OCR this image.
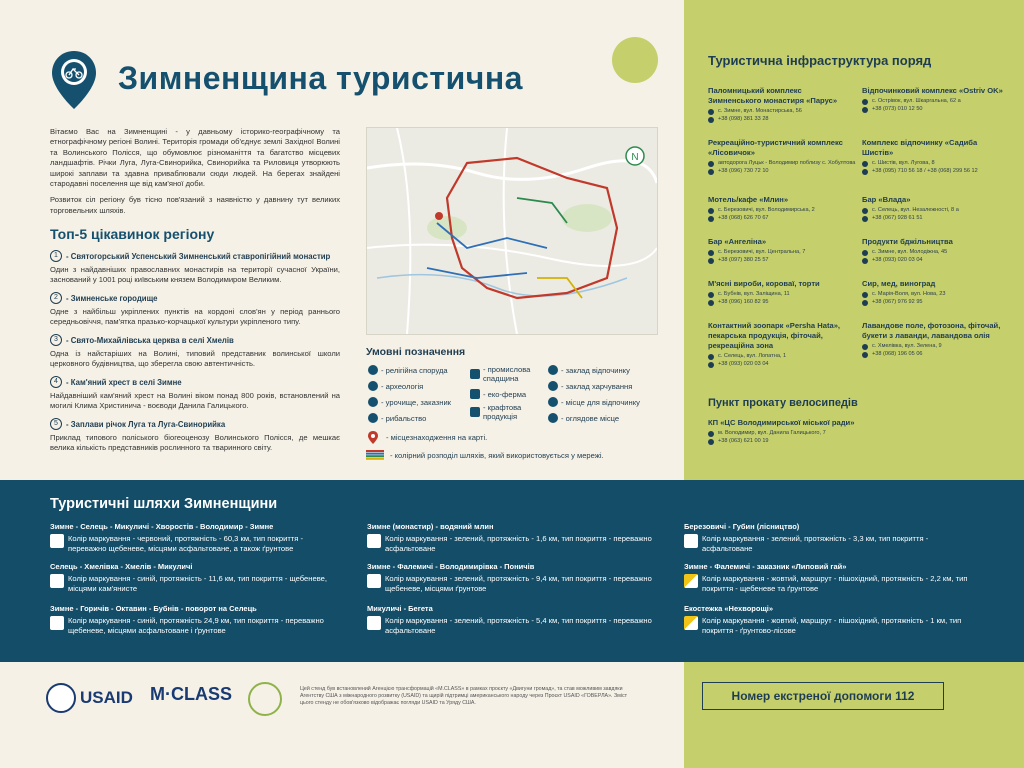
Зимненщина туристична

Вітаємо Вас на Зимненщині - у давньому історико-географічному та етнографічному регіоні Волині. Територія громади об'єднує землі Західної Волині та Волинського Полісся, що обумовлює різноманіття та багатство місцевих ландшафтів. Річки Луга, Луга-Свинорийка, Свинорийка та Риловиця утворюють широкі заплави та здавна приваблювали сюди людей. На берегах знайдені стародавні поселення ще від кам'яної доби.

Розвиток сіл регіону був тісно пов'язаний з наявністю у давнину тут великих торговельних шляхів.

Топ-5 цікавинок регіону
1	- Святогорський Успенський Зимненський ставропігійний монастир
Один з найдавніших православних монастирів на території сучасної України, заснований у 1001 році київським князем Володимиром Великим.
2	- Зимненське городище
Одне з найбільш укріплених пунктів на кордоні слов'ян у період раннього середньовіччя, пам'ятка празько-корчацької культури укріпленого типу.
3	- Свято-Михайлівська церква в селі Хмелів
Одна із найстаріших на Волині, типовий представник волинської школи церковного будівництва, що зберегла свою автентичність.
4	- Кам'яний хрест в селі Зимне
Найдавніший кам'яний хрест на Волині віком понад 800 років, встановлений на могилі Клима Христинича - воєводи Данила Галицького.
5	- Заплави річок Луга та Луга-Свинорийка
Приклад типового поліського біогеоценозу Волинського Полісся, де мешкає велика кількість представників рослинного та тваринного світу.
N
Умовні позначення
- релігійна споруда
- археологія
- урочище, заказник
- рибальство
- промислова спадщина
- еко-ферма
- крафтова продукція
- заклад відпочинку
- заклад харчування
- місце для відпочинку
- оглядове місце
- місцезнаходження на карті.
- колірний розподіл шляхів, який використовується у мережі.
Туристична інфраструктура поряд
Паломницький комплекс Зимненського монастиря «Парус»
с. Зимне, вул. Монастирська, 56
+38 (098) 381 33 28
Відпочинковий комплекс «Ostriv OK»
с. Острівок, вул. Шкаргальна, 62 а
+38 (073) 010 12 50
Рекреаційно-туристичний комплекс «Лісовичок»
автодорога Луцьк - Володимир поблизу с. Хобултова
+38 (096) 730 72 10
Комплекс відпочинку «Садиба Шистів»
с. Шистів, вул. Луговa, 8
+38 (095) 710 56 18 / +38 (068) 299 56 12
Мотель/кафе «Млин»
с. Березовичі, вул. Володимирська, 2
+38 (068) 626 70 67
Бар «Влада»
с. Селець, вул. Незалежності, 8 а
+38 (067) 928 61 51
Бар «Ангеліна»
с. Березовичі, вул. Центральна, 7
+38 (097) 380 25 57
Продукти бджільництва
с. Зимне, вул. Молодіжна, 45
+38 (093) 020 03 04
М'ясні вироби, короваї, торти
с. Бубнів, вул. Заліщина, 11
+38 (096) 160 82 95
Сир, мед, виноград
с. Марія-Воля, вул. Нова, 23
+38 (067) 976 92 95
Контактний зоопарк «Persha Hata», пекарська продукція, фіточай, рекреаційна зона
с. Селець, вул. Лопатна, 1
+38 (093) 020 03 04
Лавандове поле, фотозона, фіточай, букети з лаванди, лавандова олія
с. Хмелівка, вул. Зелена, 9
+38 (068) 196 05 06
Пункт прокату велосипедів
КП «ЦС Володимирської міської ради»
м. Володимир, вул. Данила Галицького, 7
+38 (063) 621 00 19
Туристичні шляхи Зимненщини
Зимне - Селець - Микуличі - Хворостів - Володимир - Зимне
Колір маркування - червоний, протяжність - 60,3 км, тип покриття - переважно щебеневе, місцями асфальтоване, а також ґрунтове
Селець - Хмелівка - Хмелів - Микуличі
Колір маркування - синій, протяжність - 11,6 км, тип покриття - щебеневе, місцями кам'янисте
Зимне - Горичів - Октавин - Бубнів - поворот на Селець
Колір маркування - синій, протяжність 24,9 км, тип покриття - переважно щебеневе, місцями асфальтоване і ґрунтове
Зимне (монастир) - водяний млин
Колір маркування - зелений, протяжність - 1,6 км, тип покриття - переважно асфальтоване
Зимне - Фалемичі - Володимирівка - Поничів
Колір маркування - зелений, протяжність - 9,4 км, тип покриття - переважно щебеневе, місцями ґрунтове
Микуличі - Бегета
Колір маркування - зелений, протяжність - 5,4 км, тип покриття - переважно асфальтоване
Березовичі - Губин (лісництво)
Колір маркування - зелений, протяжність - 3,3 км, тип покриття - асфальтоване
Зимне - Фалемичі - заказник «Липовий гай»
Колір маркування - жовтий, маршрут - пішохідний, протяжність - 2,2 км, тип покриття - щебеневе та ґрунтове
Екостежка «Нехворощі»
Колір маркування - жовтий, маршрут - пішохідний, протяжність - 1 км, тип покриття - ґрунтово-лісове
USAID M·CLASS	Цей стенд був встановлений Агенцією трансформацій «M.CLASS» в рамках проєкту «Двигуни громад», та став можливим завдяки Агентству США з міжнародного розвитку (USAID) та щирій підтримці американського народу через Проєкт USAID «ГОВЕРЛА». Зміст цього стенду не обов'язково відображає погляди USAID та Уряду США.	Номер екстреної допомоги 112
